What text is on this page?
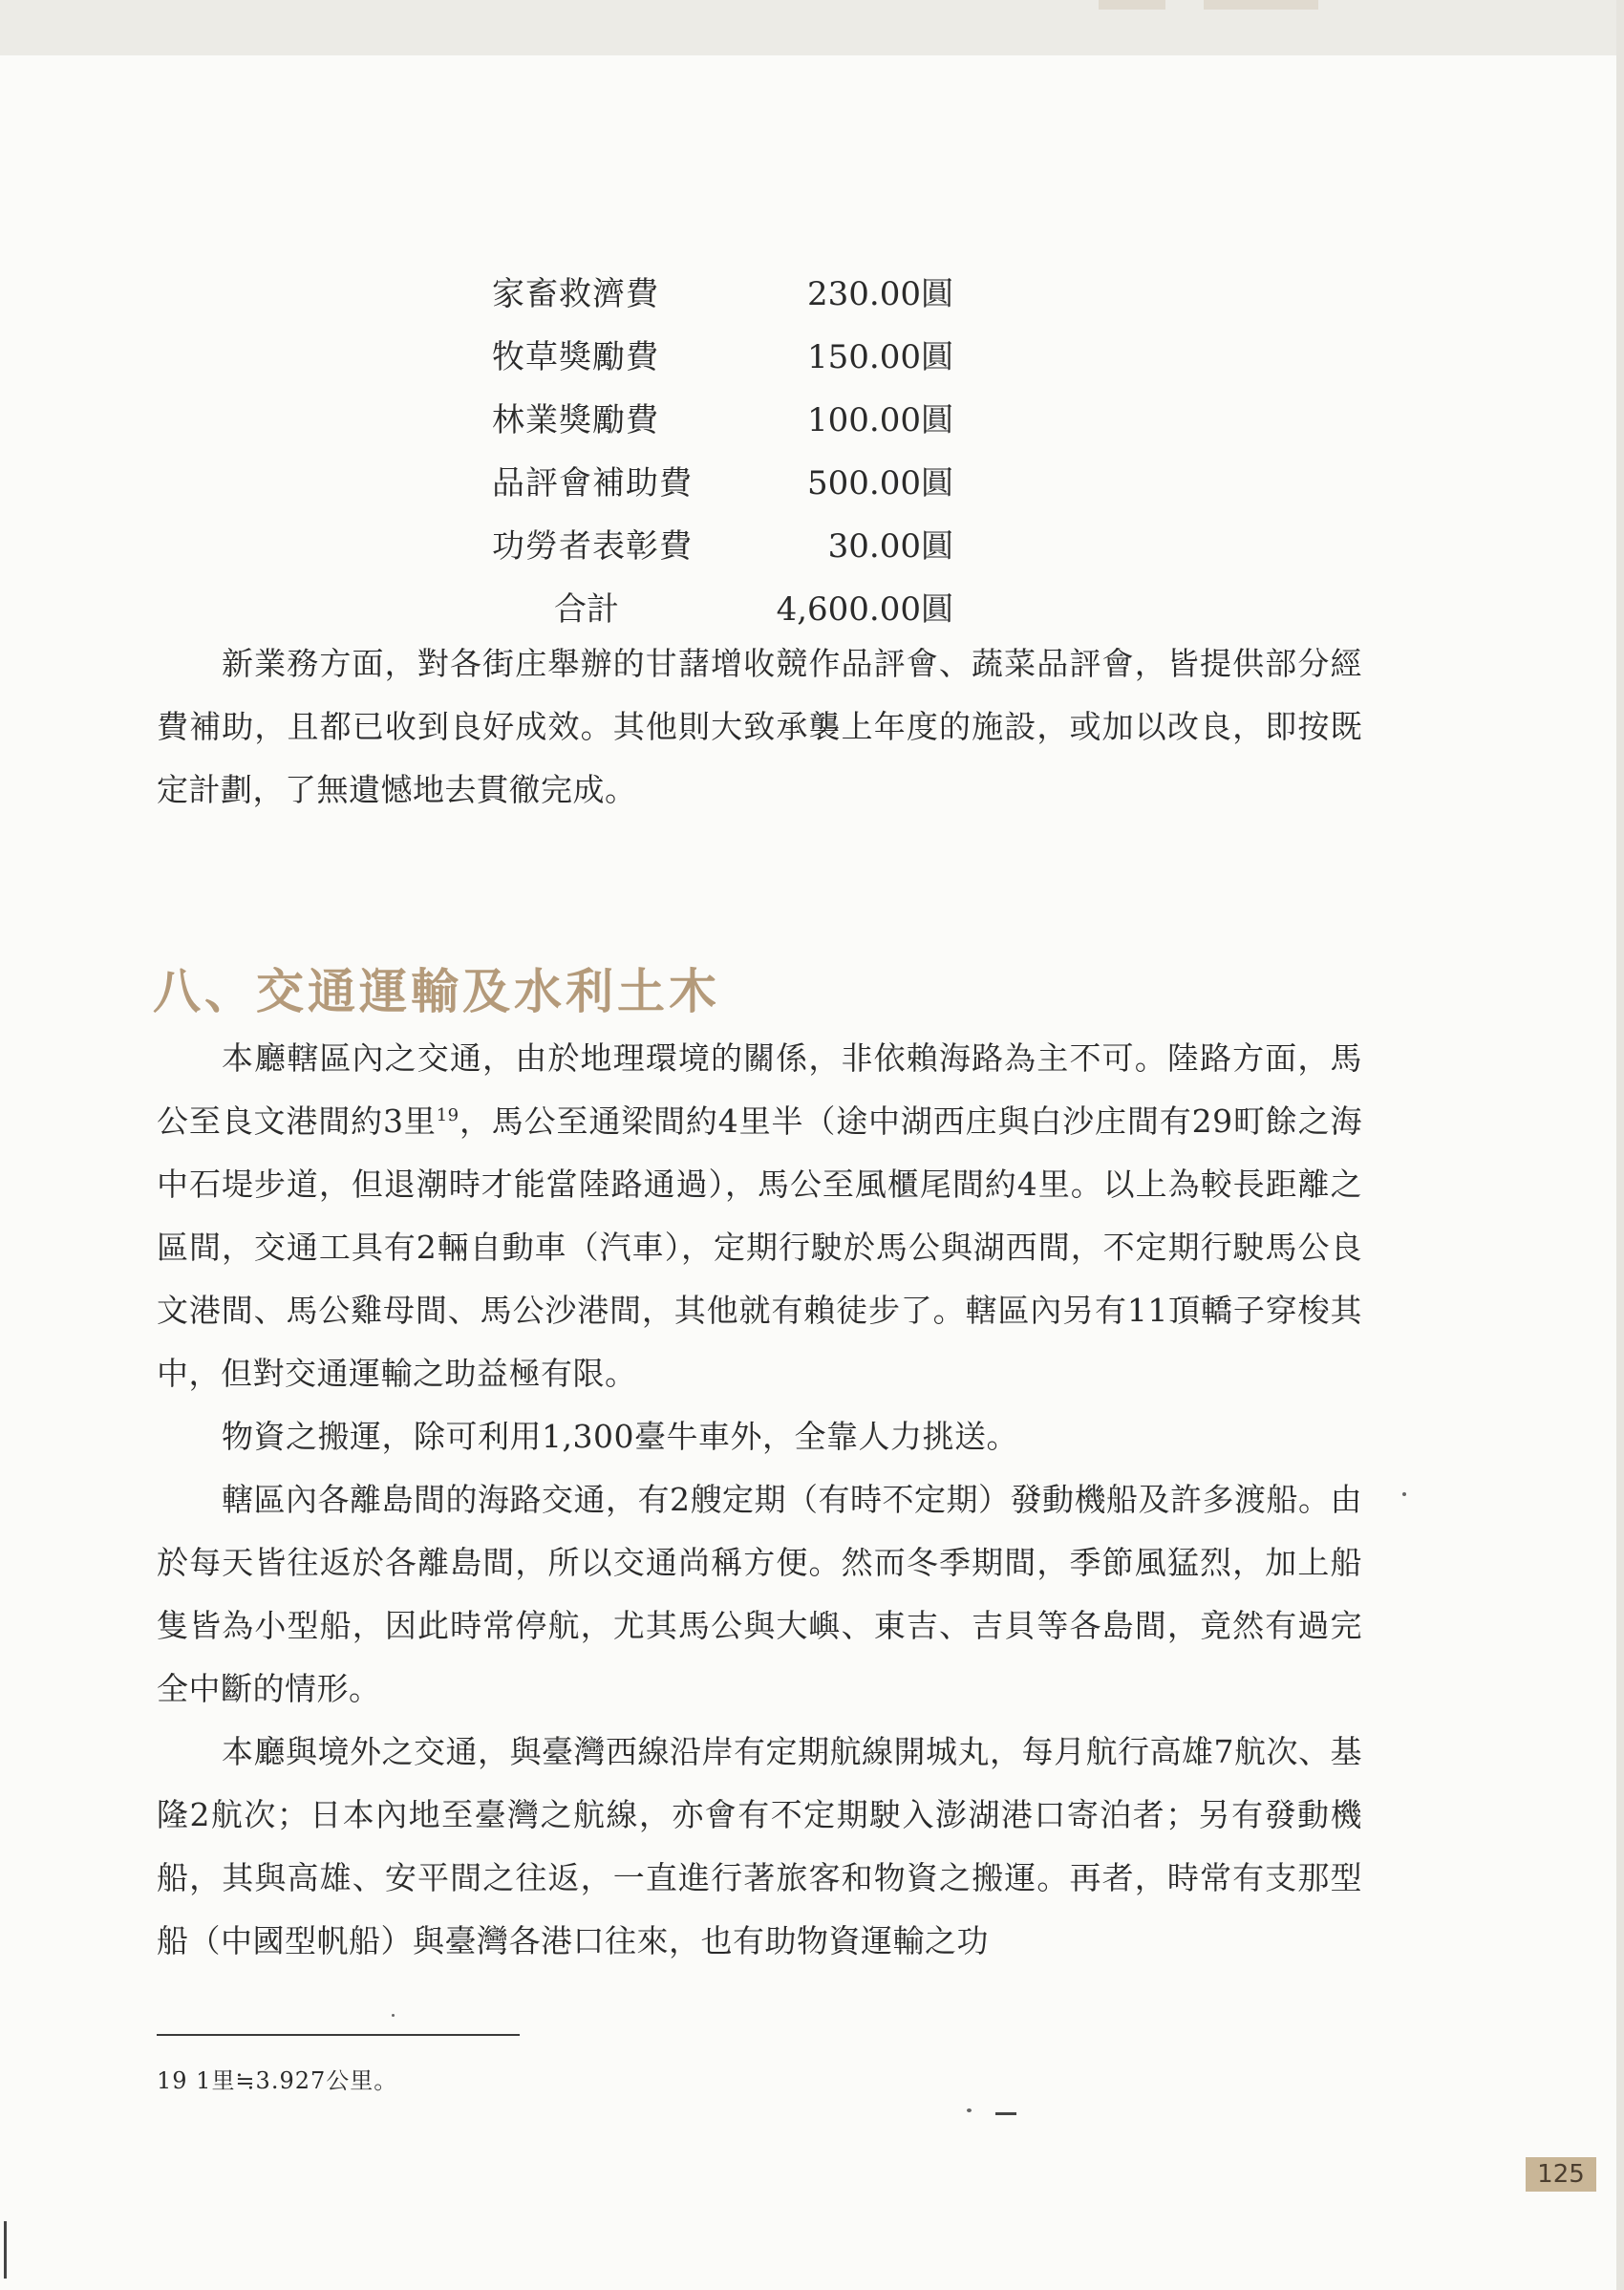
家畜救濟費	230.00圓
牧草獎勵費	150.00圓
林業獎勵費	100.00圓
品評會補助費	500.00圓
功勞者表彰費	30.00圓
合計	4,600.00圓

新業務方面，對各街庄舉辦的甘藷增收競作品評會、蔬菜品評會，皆提供部分經費補助，且都已收到良好成效。其他則大致承襲上年度的施設，或加以改良，即按既定計劃，了無遺憾地去貫徹完成。

八、交通運輸及水利土木

本廳轄區內之交通，由於地理環境的關係，非依賴海路為主不可。陸路方面，馬公至良文港間約3里$^{19}$，馬公至通梁間約4里半（途中湖西庄與白沙庄間有29町餘之海中石堤步道，但退潮時才能當陸路通過），馬公至風櫃尾間約4里。以上為較長距離之區間，交通工具有2輛自動車（汽車），定期行駛於馬公與湖西間，不定期行駛馬公良文港間、馬公雞母間、馬公沙港間，其他就有賴徒步了。轄區內另有11頂轎子穿梭其中，但對交通運輸之助益極有限。

物資之搬運，除可利用1,300臺牛車外，全靠人力挑送。

轄區內各離島間的海路交通，有2艘定期（有時不定期）發動機船及許多渡船。由於每天皆往返於各離島間，所以交通尚稱方便。然而冬季期間，季節風猛烈，加上船隻皆為小型船，因此時常停航，尤其馬公與大嶼、東吉、吉貝等各島間，竟然有過完全中斷的情形。

本廳與境外之交通，與臺灣西線沿岸有定期航線開城丸，每月航行高雄7航次、基隆2航次；日本內地至臺灣之航線，亦會有不定期駛入澎湖港口寄泊者；另有發動機船，其與高雄、安平間之往返，一直進行著旅客和物資之搬運。再者，時常有支那型船（中國型帆船）與臺灣各港口往來，也有助物資運輸之功

19 1里≒3.927公里。
125
